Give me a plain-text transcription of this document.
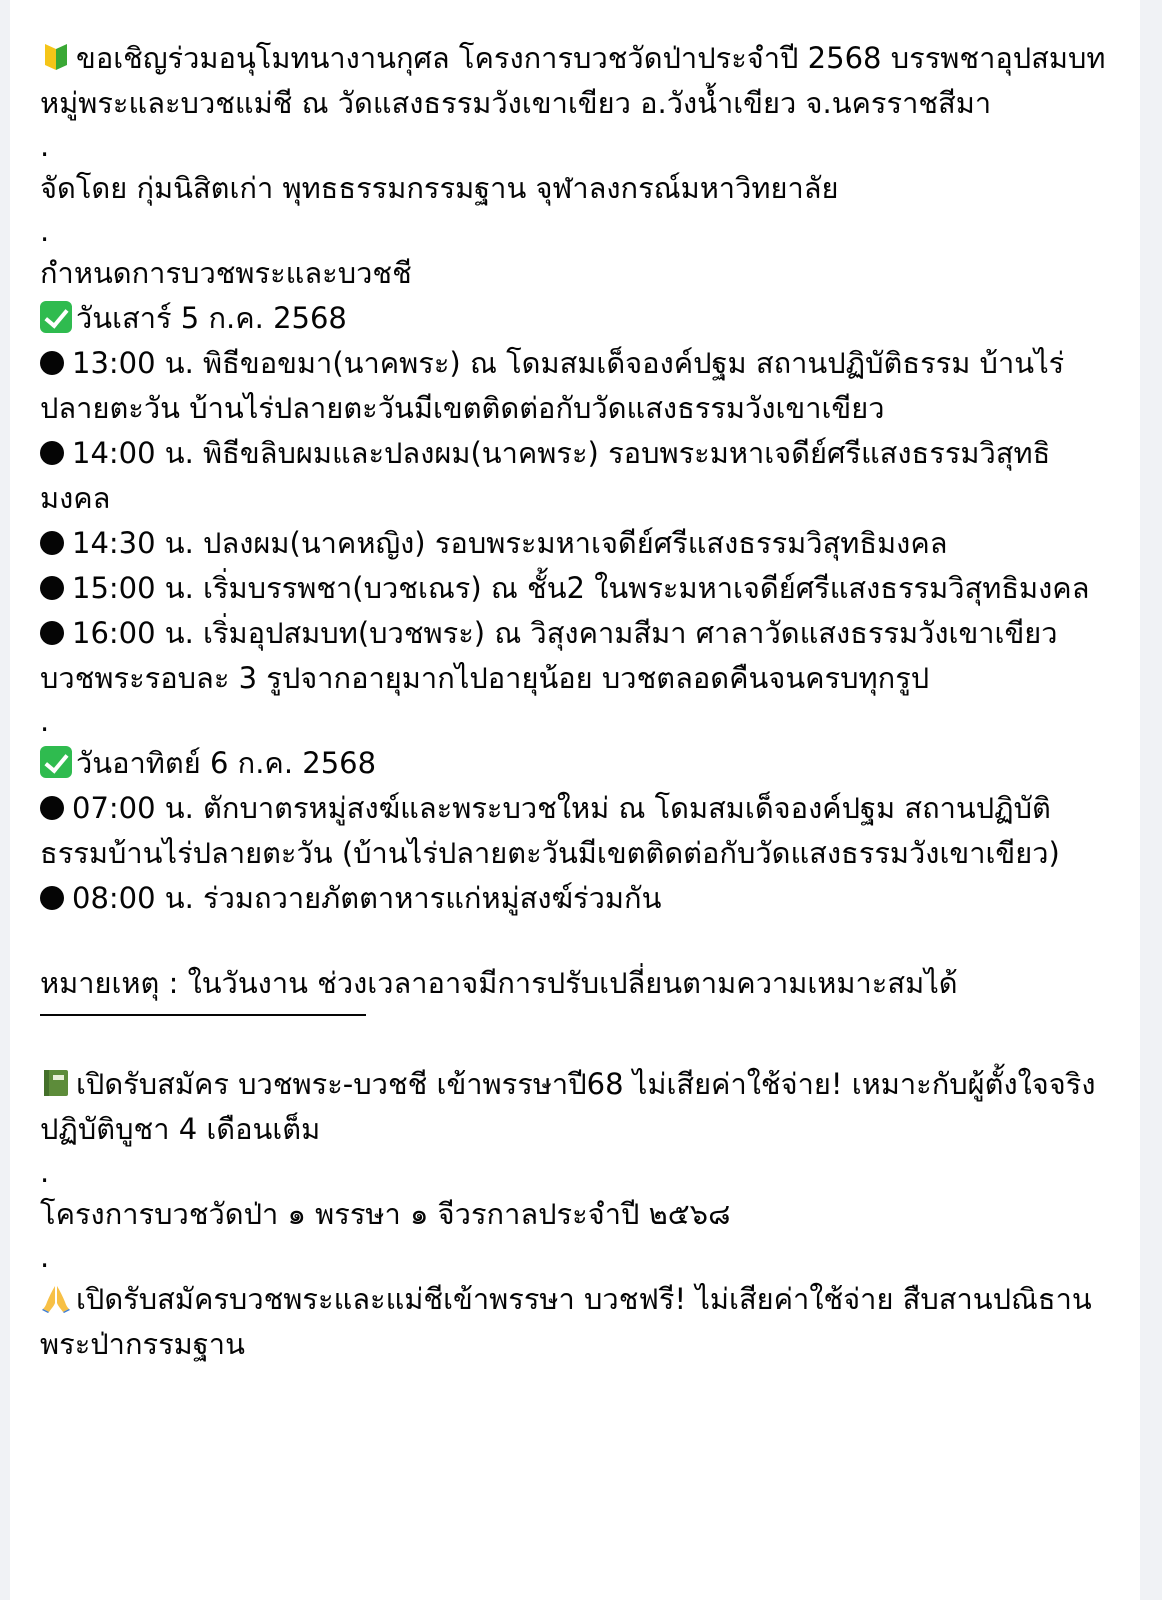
ขอเชิญร่วมอนุโมทนางานกุศล โครงการบวชวัดป่าประจำปี 2568 บรรพชาอุปสมบทหมู่พระและบวชแม่ชี ณ วัดแสงธรรมวังเขาเขียว อ.วังน้ำเขียว จ.นครราชสีมา

.

จัดโดย กุ่มนิสิตเก่า พุทธธรรมกรรมฐาน จุฬาลงกรณ์มหาวิทยาลัย

.

กำหนดการบวชพระและบวชชี

วันเสาร์ 5 ก.ค. 2568

13:00 น. พิธีขอขมา(นาคพระ) ณ โดมสมเด็จองค์ปฐม สถานปฏิบัติธรรม บ้านไร่ปลายตะวัน บ้านไร่ปลายตะวันมีเขตติดต่อกับวัดแสงธรรมวังเขาเขียว

14:00 น. พิธีขลิบผมและปลงผม(นาคพระ) รอบพระมหาเจดีย์ศรีแสงธรรมวิสุทธิมงคล

14:30 น. ปลงผม(นาคหญิง) รอบพระมหาเจดีย์ศรีแสงธรรมวิสุทธิมงคล

15:00 น. เริ่มบรรพชา(บวชเณร) ณ ชั้น2 ในพระมหาเจดีย์ศรีแสงธรรมวิสุทธิมงคล

16:00 น. เริ่มอุปสมบท(บวชพระ) ณ วิสุงคามสีมา ศาลาวัดแสงธรรมวังเขาเขียว บวชพระรอบละ 3 รูปจากอายุมากไปอายุน้อย บวชตลอดคืนจนครบทุกรูป

.

วันอาทิตย์ 6 ก.ค. 2568

07:00 น. ตักบาตรหมู่สงฆ์และพระบวชใหม่ ณ โดมสมเด็จองค์ปฐม สถานปฏิบัติธรรมบ้านไร่ปลายตะวัน (บ้านไร่ปลายตะวันมีเขตติดต่อกับวัดแสงธรรมวังเขาเขียว)

08:00 น. ร่วมถวายภัตตาหารแก่หมู่สงฆ์ร่วมกัน

หมายเหตุ : ในวันงาน ช่วงเวลาอาจมีการปรับเปลี่ยนตามความเหมาะสมได้

เปิดรับสมัคร บวชพระ-บวชชี เข้าพรรษาปี68 ไม่เสียค่าใช้จ่าย! เหมาะกับผู้ตั้งใจจริง ปฏิบัติบูชา 4 เดือนเต็ม

.

โครงการบวชวัดป่า ๑ พรรษา ๑ จีวรกาลประจำปี ๒๕๖๘

.

เปิดรับสมัครบวชพระและแม่ชีเข้าพรรษา บวชฟรี! ไม่เสียค่าใช้จ่าย สืบสานปณิธานพระป่ากรรมฐาน
